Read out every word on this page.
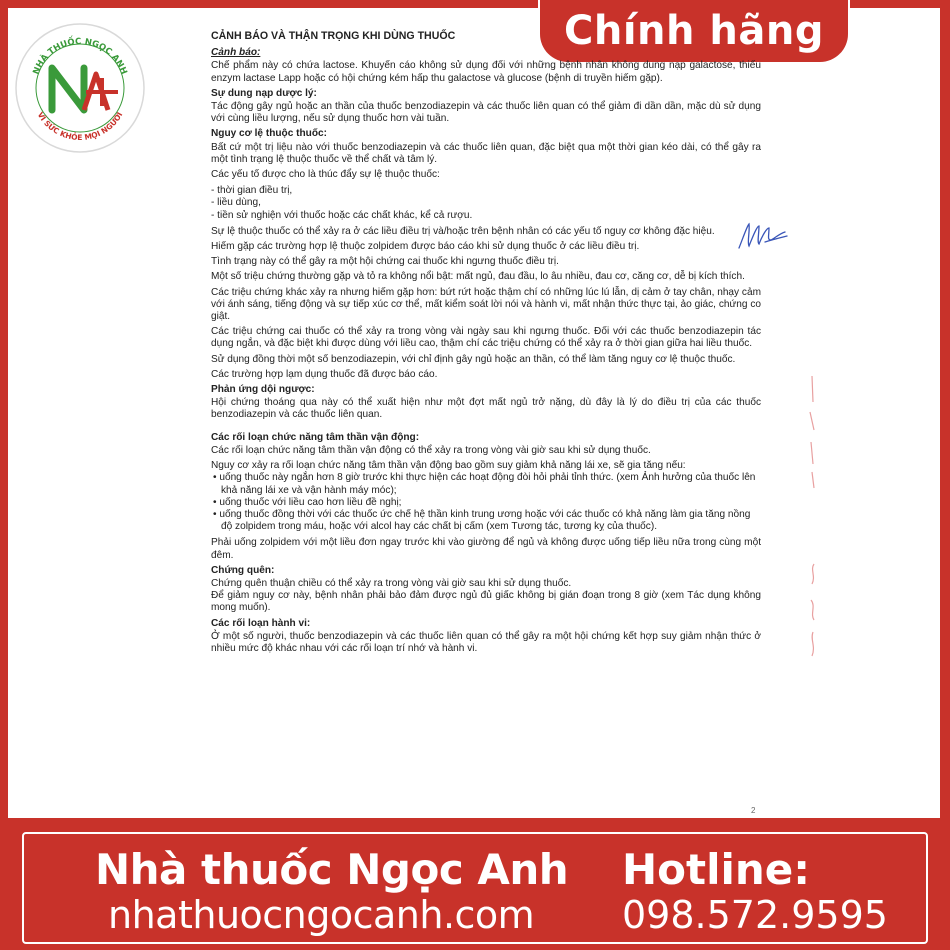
NHÀ THUỐC NGỌC ANH
VÌ SỨC KHỎE MỌI NGƯỜI
Chính hãng
CẢNH BÁO VÀ THẬN TRỌNG KHI DÙNG THUỐC
Cảnh báo:

Chế phẩm này có chứa lactose. Khuyến cáo không sử dụng đối với những bệnh nhân không dung nạp galactose, thiếu enzym lactase Lapp hoặc có hội chứng kém hấp thu galactose và glucose (bệnh di truyền hiếm gặp).

Sự dung nạp dược lý:

Tác động gây ngủ hoặc an thần của thuốc benzodiazepin và các thuốc liên quan có thể giảm đi dần dần, mặc dù sử dụng với cùng liều lượng, nếu sử dụng thuốc hơn vài tuần.

Nguy cơ lệ thuộc thuốc:

Bất cứ một trị liệu nào với thuốc benzodiazepin và các thuốc liên quan, đặc biệt qua một thời gian kéo dài, có thể gây ra một tình trạng lệ thuộc thuốc về thể chất và tâm lý.

Các yếu tố được cho là thúc đẩy sự lệ thuộc thuốc:

- thời gian điều trị,

- liều dùng,

- tiền sử nghiện với thuốc hoặc các chất khác, kể cả rượu.

Sự lệ thuộc thuốc có thể xảy ra ở các liều điều trị và/hoặc trên bệnh nhân có các yếu tố nguy cơ không đặc hiệu.

Hiếm gặp các trường hợp lệ thuộc zolpidem được báo cáo khi sử dụng thuốc ở các liều điều trị.

Tình trạng này có thể gây ra một hội chứng cai thuốc khi ngưng thuốc điều trị.

Một số triệu chứng thường gặp và tỏ ra không nổi bật: mất ngủ, đau đầu, lo âu nhiều, đau cơ, căng cơ, dễ bị kích thích.

Các triệu chứng khác xảy ra nhưng hiếm gặp hơn: bứt rứt hoặc thậm chí có những lúc lú lẫn, dị cảm ở tay chân, nhạy cảm với ánh sáng, tiếng động và sự tiếp xúc cơ thể, mất kiểm soát lời nói và hành vi, mất nhận thức thực tại, ảo giác, chứng co giật.

Các triệu chứng cai thuốc có thể xảy ra trong vòng vài ngày sau khi ngưng thuốc. Đối với các thuốc benzodiazepin tác dụng ngắn, và đặc biệt khi được dùng với liều cao, thậm chí các triệu chứng có thể xảy ra ở thời gian giữa hai liều thuốc.

Sử dụng đồng thời một số benzodiazepin, với chỉ định gây ngủ hoặc an thần, có thể làm tăng nguy cơ lệ thuộc thuốc.

Các trường hợp lạm dụng thuốc đã được báo cáo.

Phản ứng dội ngược:

Hội chứng thoáng qua này có thể xuất hiện như một đợt mất ngủ trở nặng, dù đây là lý do điều trị của các thuốc benzodiazepin và các thuốc liên quan.

Các rối loạn chức năng tâm thần vận động:

Các rối loạn chức năng tâm thần vận động có thể xảy ra trong vòng vài giờ sau khi sử dụng thuốc.

Nguy cơ xảy ra rối loạn chức năng tâm thần vận động bao gồm suy giảm khả năng lái xe, sẽ gia tăng nếu:

• uống thuốc này ngắn hơn 8 giờ trước khi thực hiện các hoạt động đòi hỏi phải tỉnh thức. (xem Ảnh hưởng của thuốc lên khả năng lái xe và vận hành máy móc);

• uống thuốc với liều cao hơn liều đề nghị;

• uống thuốc đồng thời với các thuốc ức chế hệ thần kinh trung ương hoặc với các thuốc có khả năng làm gia tăng nồng độ zolpidem trong máu, hoặc với alcol hay các chất bị cấm (xem Tương tác, tương kỵ của thuốc).

Phải uống zolpidem với một liều đơn ngay trước khi vào giường để ngủ và không được uống tiếp liều nữa trong cùng một đêm.

Chứng quên:

Chứng quên thuận chiều có thể xảy ra trong vòng vài giờ sau khi sử dụng thuốc.

Để giảm nguy cơ này, bệnh nhân phải bảo đảm được ngủ đủ giấc không bị gián đoạn trong 8 giờ (xem Tác dụng không mong muốn).

Các rối loạn hành vi:

Ở một số người, thuốc benzodiazepin và các thuốc liên quan có thể gây ra một hội chứng kết hợp suy giảm nhận thức ở nhiều mức độ khác nhau với các rối loạn trí nhớ và hành vi.

2
Nhà thuốc Ngọc Anh
nhathuocngocanh.com
Hotline:
098.572.9595
